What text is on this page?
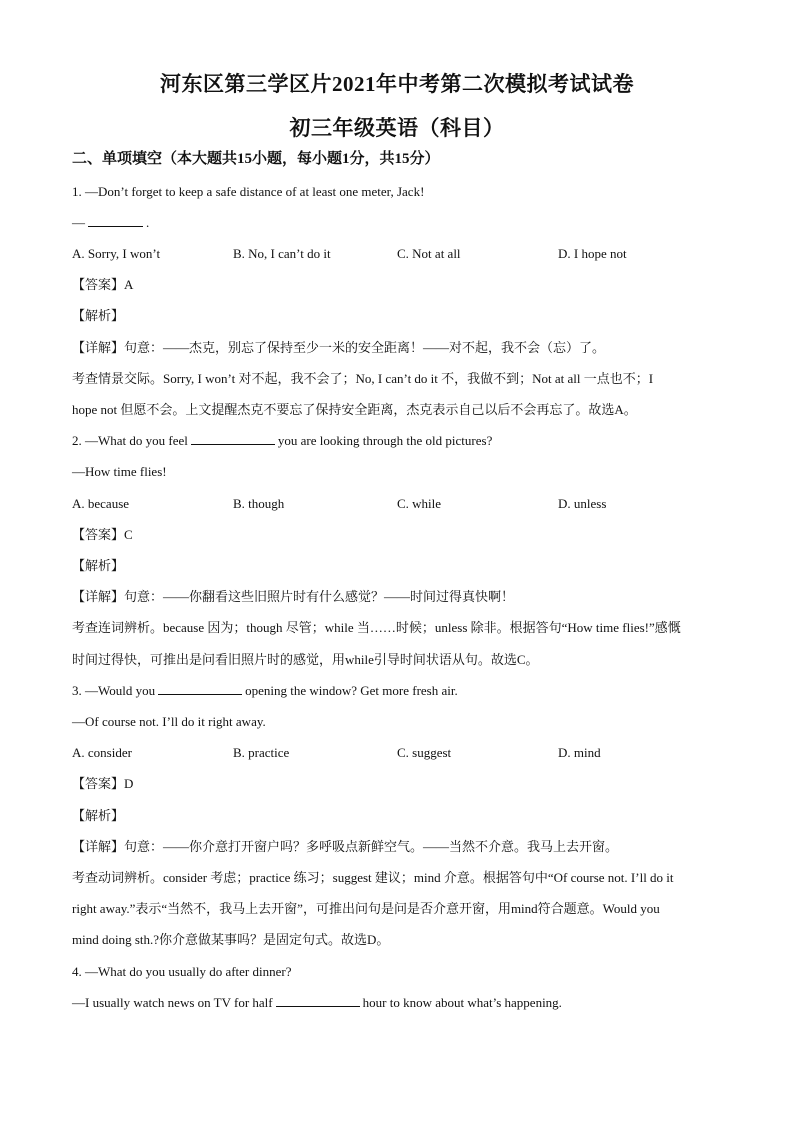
河东区第三学区片2021年中考第二次模拟考试试卷
初三年级英语（科目）
二、单项填空（本大题共15小题，每小题1分，共15分）
1. —Don’t forget to keep a safe distance of at least one meter, Jack!
—	.
A. Sorry, I won’t	B. No, I can’t do it	C. Not at all	D. I hope not
【答案】A
【解析】
【详解】句意：——杰克，别忘了保持至少一米的安全距离！——对不起，我不会（忘）了。
考查情景交际。Sorry, I won’t 对不起，我不会了；No, I can’t do it 不，我做不到；Not at all 一点也不；I
hope not 但愿不会。上文提醒杰克不要忘了保持安全距离，杰克表示自己以后不会再忘了。故选A。
2. —What do you feel	you are looking through the old pictures?
—How time flies!
A. because	B. though	C. while	D. unless
【答案】C
【解析】
【详解】句意：——你翻看这些旧照片时有什么感觉？——时间过得真快啊！
考查连词辨析。because 因为；though 尽管；while 当……时候；unless 除非。根据答句“How time flies!”感慨
时间过得快，可推出是问看旧照片时的感觉，用while引导时间状语从句。故选C。
3. —Would you	opening the window? Get more fresh air.
—Of course not. I’ll do it right away.
A. consider	B. practice	C. suggest	D. mind
【答案】D
【解析】
【详解】句意：——你介意打开窗户吗？多呼吸点新鲜空气。——当然不介意。我马上去开窗。
考查动词辨析。consider 考虑；practice 练习；suggest 建议；mind 介意。根据答句中“Of course not. I’ll do it
right away.”表示“当然不，我马上去开窗”，可推出问句是问是否介意开窗，用mind符合题意。Would you
mind doing sth.?你介意做某事吗？是固定句式。故选D。
4. —What do you usually do after dinner?
—I usually watch news on TV for half	hour to know about what’s happening.
